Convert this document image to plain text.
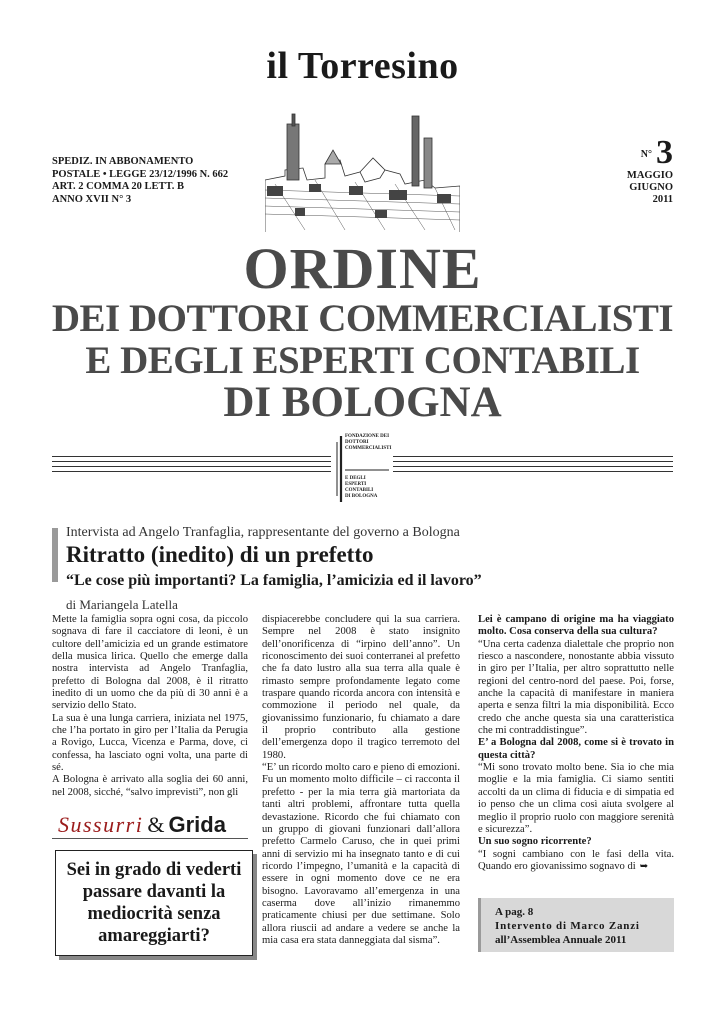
il Torresino
SPEDIZ. IN ABBONAMENTO
POSTALE • LEGGE 23/12/1996 N. 662
ART. 2 COMMA 20 LETT. B
ANNO XVII N° 3
N° 3
MAGGIO
GIUGNO
2011
ORDINE
DEI DOTTORI COMMERCIALISTI
E DEGLI ESPERTI CONTABILI
DI BOLOGNA
FONDAZIONE DEI
DOTTORI
COMMERCIALISTI
E DEGLI
ESPERTI CONTABILI
DI BOLOGNA
Intervista ad Angelo Tranfaglia, rappresentante del governo a Bologna
Ritratto (inedito) di un prefetto
“Le cose più importanti? La famiglia, l’amicizia ed il lavoro”
di Mariangela Latella

Mette la famiglia sopra ogni cosa, da piccolo sognava di fare il cacciatore di leoni, è un cultore dell’amicizia ed un grande estimatore della musica lirica. Quello che emerge dalla nostra intervista ad Angelo Tranfaglia, prefetto di Bologna dal 2008, è il ritratto inedito di un uomo che da più di 30 anni è a servizio dello Stato.

La sua è una lunga carriera, iniziata nel 1975, che l’ha portato in giro per l’Italia da Perugia a Rovigo, Lucca, Vicenza e Parma, dove, ci confessa, ha lasciato ogni volta, una parte di sé.

A Bologna è arrivato alla soglia dei 60 anni, nel 2008, sicché, “salvo imprevisti”, non gli

Sussurri & Grida
Sei in grado di vederti passare davanti la mediocrità senza amareggiarti?

dispiacerebbe concludere qui la sua carriera. Sempre nel 2008 è stato insignito dell’onorificenza di “irpino dell’anno”. Un riconoscimento dei suoi conterranei al prefetto che fa dato lustro alla sua terra alla quale è rimasto sempre profondamente legato come traspare quando ricorda ancora con intensità e commozione il periodo nel quale, da giovanissimo funzionario, fu chiamato a dare il proprio contributo alla gestione dell’emergenza dopo il tragico terremoto del 1980.

“E’ un ricordo molto caro e pieno di emozioni. Fu un momento molto difficile – ci racconta il prefetto - per la mia terra già martoriata da tanti altri problemi, affrontare tutta quella devastazione. Ricordo che fui chiamato con un gruppo di giovani funzionari dall’allora prefetto Carmelo Caruso, che in quei primi anni di servizio mi ha insegnato tanto e di cui ricordo l’impegno, l’umanità e la capacità di essere in ogni momento dove ce ne era bisogno. Lavoravamo all’emergenza in una caserma dove all’inizio rimanemmo praticamente chiusi per due settimane. Solo allora riuscii ad andare a vedere se anche la mia casa era stata danneggiata dal sisma”.

Lei è campano di origine ma ha viaggiato molto. Cosa conserva della sua cultura?

“Una certa cadenza dialettale che proprio non riesco a nascondere, nonostante abbia vissuto in giro per l’Italia, per altro soprattutto nelle regioni del centro-nord del paese. Poi, forse, anche la capacità di manifestare in maniera aperta e senza filtri la mia disponibilità. Ecco credo che anche questa sia una caratteristica che mi contraddistingue”.

E’ a Bologna dal 2008, come si è trovato in questa città?

“Mi sono trovato molto bene. Sia io che mia moglie e la mia famiglia. Ci siamo sentiti accolti da un clima di fiducia e di simpatia ed io penso che un clima così aiuta svolgere al meglio il proprio ruolo con maggiore serenità e sicurezza”.

Un suo sogno ricorrente?

“I sogni cambiano con le fasi della vita. Quando ero giovanissimo sognavo di ➥

A pag. 8
Intervento di Marco Zanzi
all’Assemblea Annuale 2011
